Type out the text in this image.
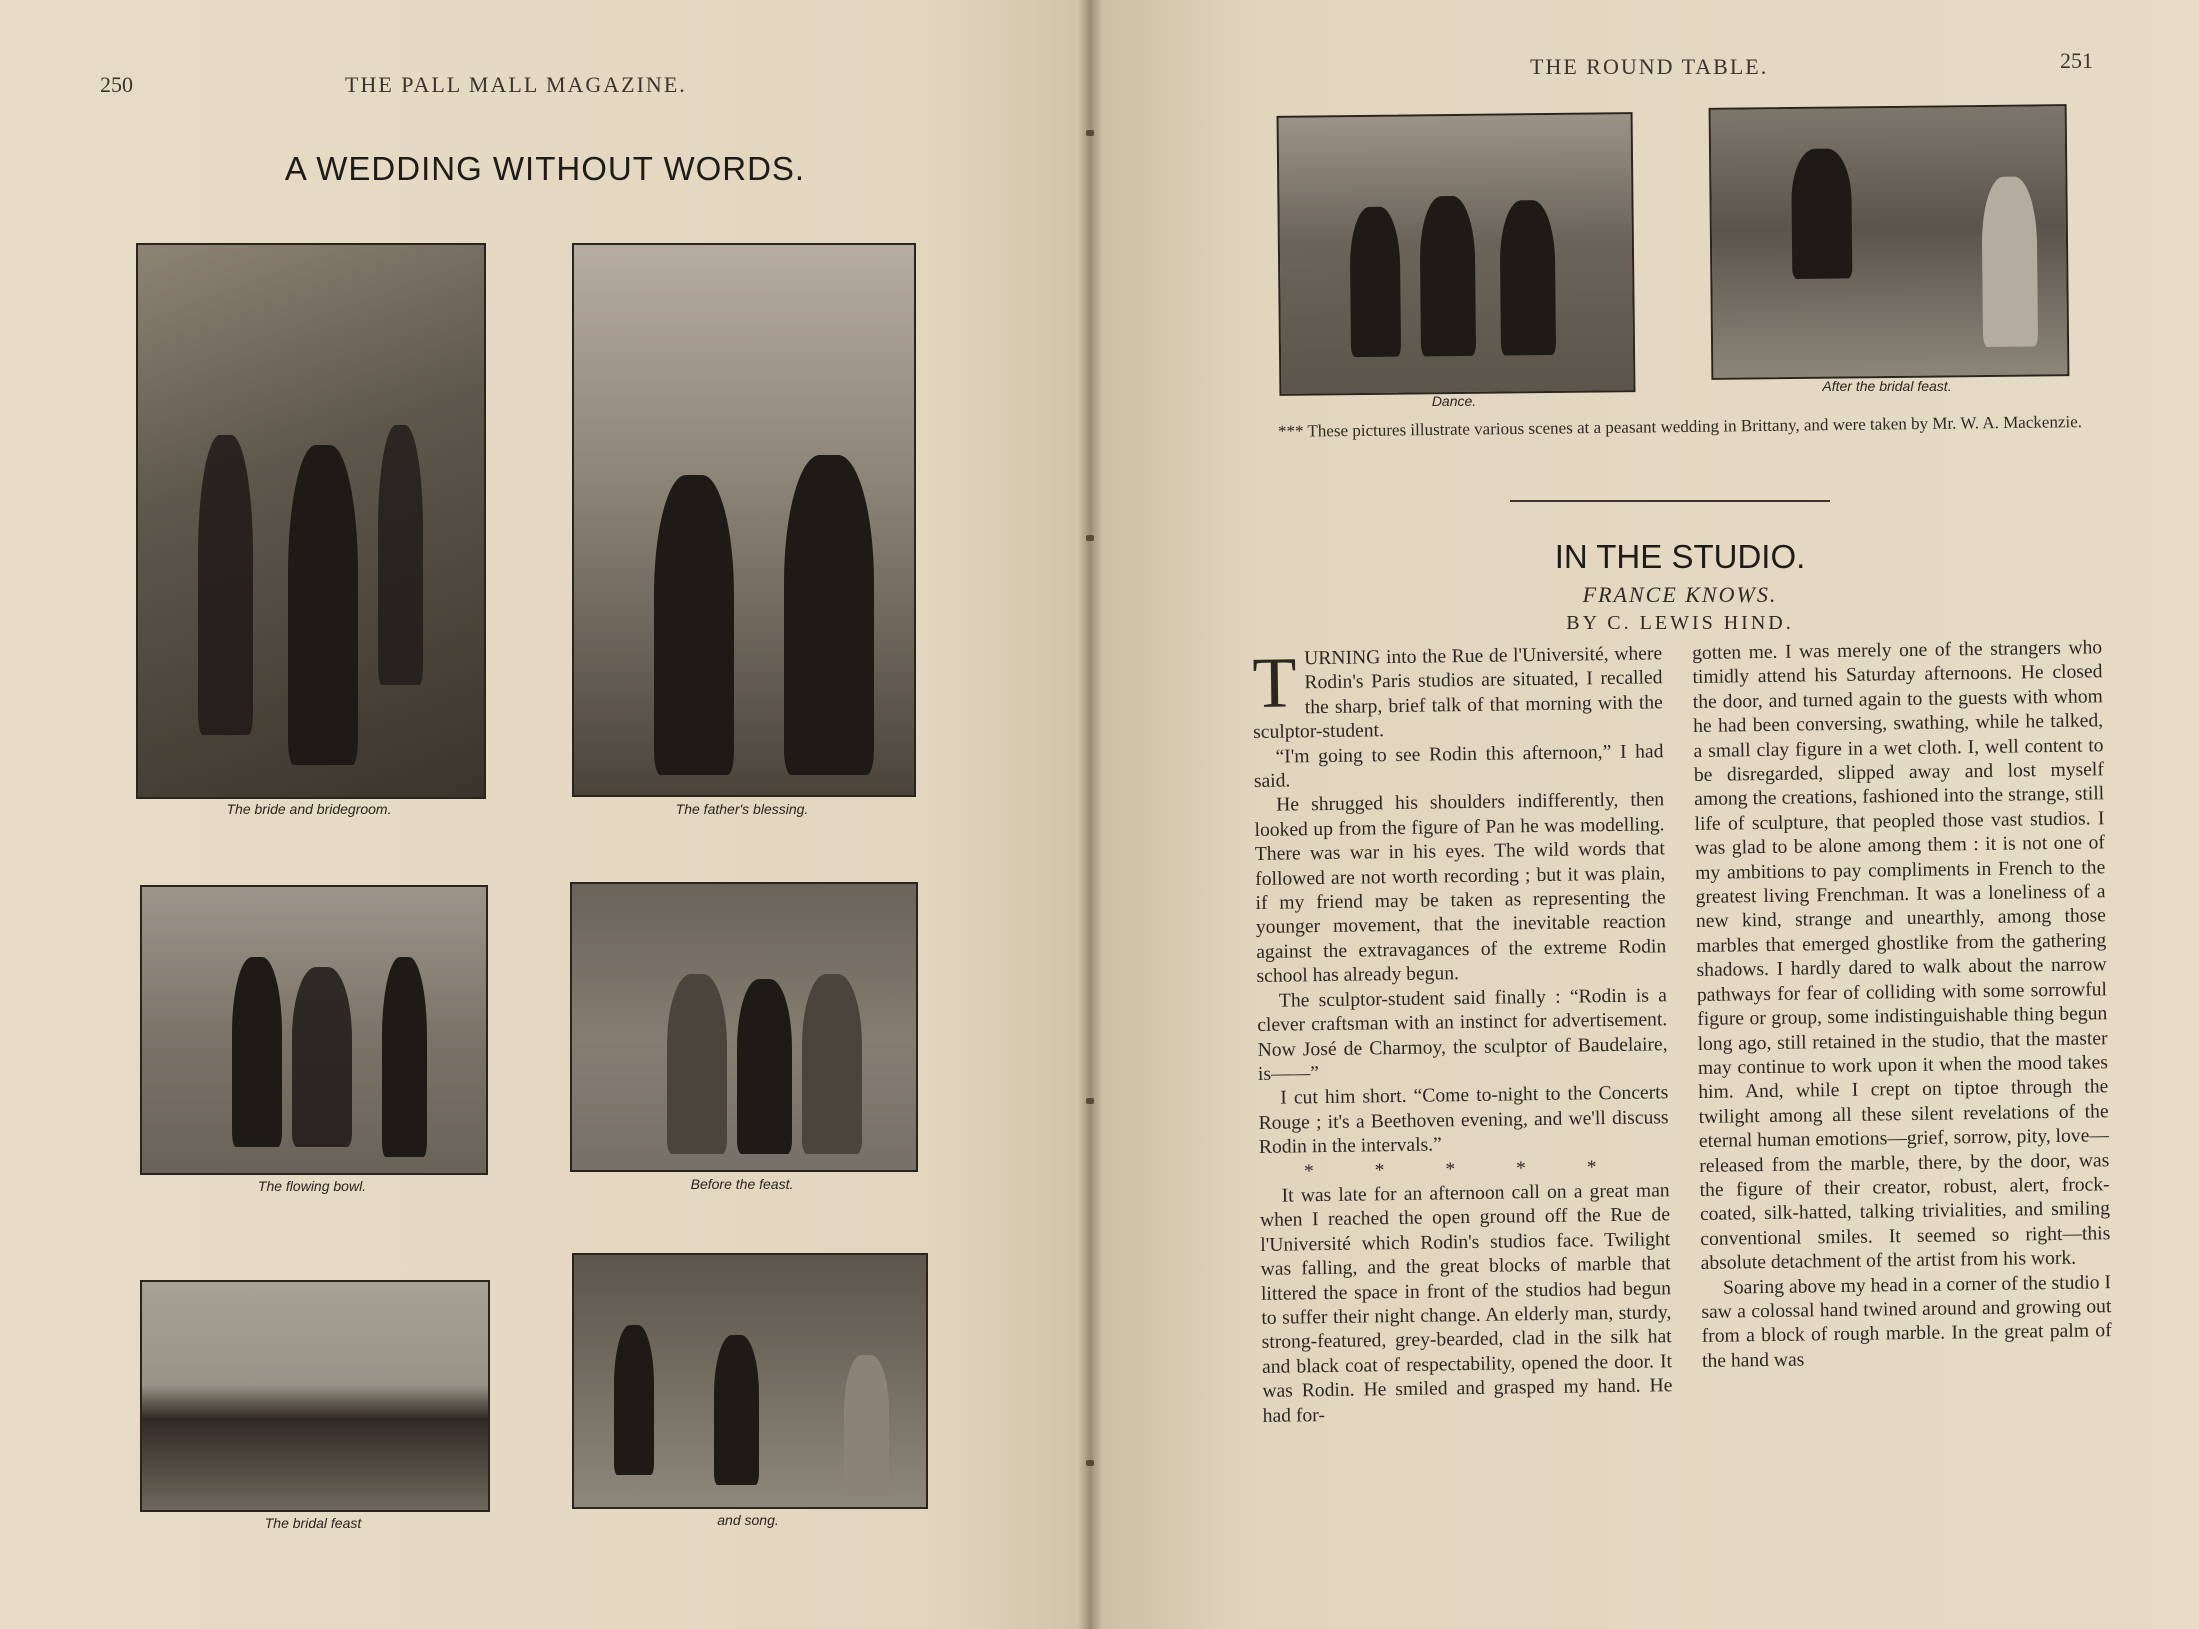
250	THE PALL MALL MAGAZINE.
A WEDDING WITHOUT WORDS.
The bride and bridegroom.	The father's blessing.
The flowing bowl.	Before the feast.
The bridal feast	and song.
THE ROUND TABLE.	251
Dance.
After the bridal feast.
*** These pictures illustrate various scenes at a peasant wedding in Brittany, and were taken by Mr. W. A. Mackenzie.
IN THE STUDIO.
FRANCE KNOWS.
BY C. LEWIS HIND.

TURNING into the Rue de l'Université, where Rodin's Paris studios are situated, I recalled the sharp, brief talk of that morning with the sculptor-student.

“I'm going to see Rodin this afternoon,” I had said.

He shrugged his shoulders indifferently, then looked up from the figure of Pan he was modelling. There was war in his eyes. The wild words that followed are not worth recording ; but it was plain, if my friend may be taken as representing the younger movement, that the inevitable reaction against the extravagances of the extreme Rodin school has already begun.

The sculptor-student said finally : “Rodin is a clever craftsman with an instinct for advertisement. Now José de Charmoy, the sculptor of Baudelaire, is——”

I cut him short. “Come to-night to the Concerts Rouge ; it's a Beethoven evening, and we'll discuss Rodin in the intervals.”

* * * * *

It was late for an afternoon call on a great man when I reached the open ground off the Rue de l'Université which Rodin's studios face. Twilight was falling, and the great blocks of marble that littered the space in front of the studios had begun to suffer their night change. An elderly man, sturdy, strong-featured, grey-bearded, clad in the silk hat and black coat of respectability, opened the door. It was Rodin. He smiled and grasped my hand. He had for-

gotten me. I was merely one of the strangers who timidly attend his Saturday afternoons. He closed the door, and turned again to the guests with whom he had been conversing, swathing, while he talked, a small clay figure in a wet cloth. I, well content to be disregarded, slipped away and lost myself among the creations, fashioned into the strange, still life of sculpture, that peopled those vast studios. I was glad to be alone among them : it is not one of my ambitions to pay compliments in French to the greatest living Frenchman. It was a loneliness of a new kind, strange and unearthly, among those marbles that emerged ghostlike from the gathering shadows. I hardly dared to walk about the narrow pathways for fear of colliding with some sorrowful figure or group, some indistinguishable thing begun long ago, still retained in the studio, that the master may continue to work upon it when the mood takes him. And, while I crept on tiptoe through the twilight among all these silent revelations of the eternal human emotions—grief, sorrow, pity, love—released from the marble, there, by the door, was the figure of their creator, robust, alert, frock-coated, silk-hatted, talking trivialities, and smiling conventional smiles. It seemed so right—this absolute detachment of the artist from his work.

Soaring above my head in a corner of the studio I saw a colossal hand twined around and growing out from a block of rough marble. In the great palm of the hand was
